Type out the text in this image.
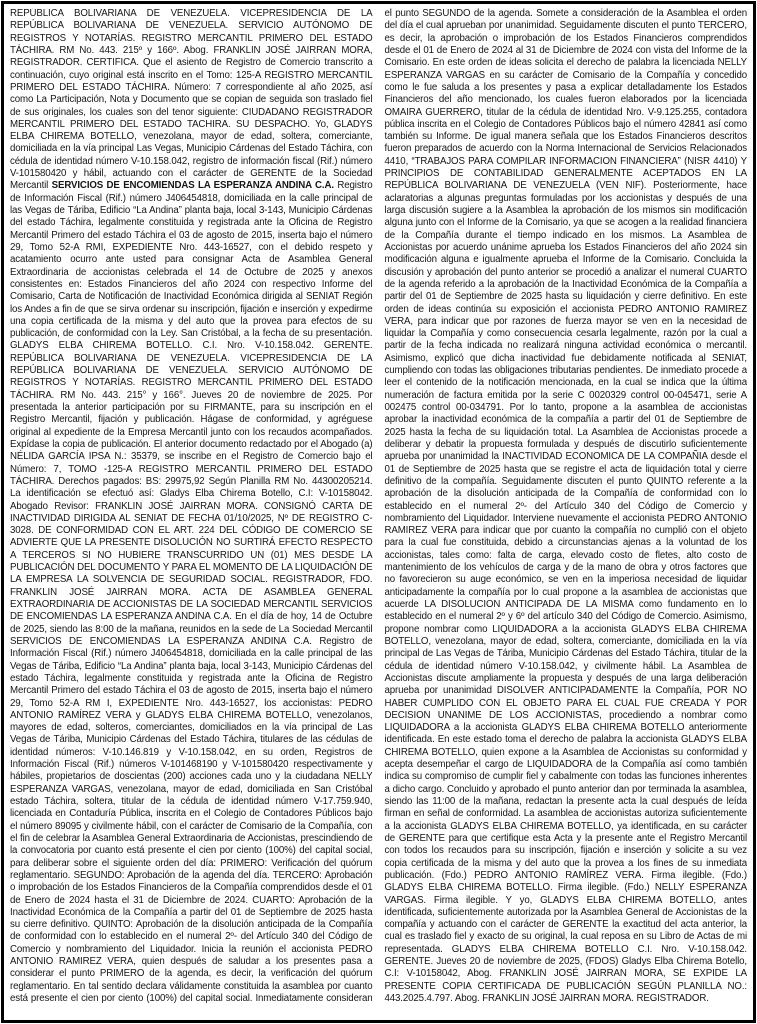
REPÚBLICA BOLIVARIANA DE VENEZUELA. VICEPRESIDENCIA DE LA REPÚBLICA BOLIVARIANA DE VENEZUELA. SERVICIO AUTÓNOMO DE REGISTROS Y NOTARÍAS. REGISTRO MERCANTIL PRIMERO DEL ESTADO TÁCHIRA. RM No. 443. 215º y 166º. Abog. FRANKLIN JOSÉ JAIRRAN MORA, REGISTRADOR. CERTIFICA. Que el asiento de Registro de Comercio transcrito a continuación, cuyo original está inscrito en el Tomo: 125-A REGISTRO MERCANTIL PRIMERO DEL ESTADO TÁCHIRA. Número: 7 correspondiente al año 2025, así como La Participación, Nota y Documento que se copian de seguida son traslado fiel de sus originales, los cuales son del tenor siguiente: CIUDADANO REGISTRADOR MERCANTIL PRIMERO DEL ESTADO TACHIRA. SU DESPACHO. Yo, GLADYS ELBA CHIREMA BOTELLO, venezolana, mayor de edad, soltera, comerciante, domiciliada en la vía principal Las Vegas, Municipio Cárdenas del Estado Táchira, con cédula de identidad número V-10.158.042, registro de información fiscal (Rif.) número V-101580420 y hábil, actuando con el carácter de GERENTE de la Sociedad Mercantil SERVICIOS DE ENCOMIENDAS LA ESPERANZA ANDINA C.A. Registro de Información Fiscal (Rif.) número J406454818, domiciliada en la calle principal de las Vegas de Táriba, Edificio “La Andina” planta baja, local 3-143, Municipio Cárdenas del estado Táchira, legalmente constituida y registrada ante la Oficina de Registro Mercantil Primero del estado Táchira el 03 de agosto de 2015, inserta bajo el número 29, Tomo 52-A RMI, EXPEDIENTE Nro. 443-16527, con el debido respeto y acatamiento ocurro ante usted para consignar Acta de Asamblea General Extraordinaria de accionistas celebrada el 14 de Octubre de 2025 y anexos consistentes en: Estados Financieros del año 2024 con respectivo Informe del Comisario, Carta de Notificación de Inactividad Económica dirigida al SENIAT Región los Andes a fin de que se sirva ordenar su inscripción, fijación e inserción y expedirme una copia certificada de la misma y del auto que la provea para efectos de su publicación, de conformidad con la Ley. San Cristóbal, a la fecha de su presentación. GLADYS ELBA CHIREMA BOTELLO. C.I. Nro. V-10.158.042. GERENTE. REPÚBLICA BOLIVARIANA DE VENEZUELA. VICEPRESIDENCIA DE LA REPÚBLICA BOLIVARIANA DE VENEZUELA. SERVICIO AUTÓNOMO DE REGISTROS Y NOTARÍAS. REGISTRO MERCANTIL PRIMERO DEL ESTADO TÁCHIRA. RM No. 443. 215° y 166°. Jueves 20 de noviembre de 2025. Por presentada la anterior participación por su FIRMANTE, para su inscripción en el Registro Mercantil, fijación y publicación. Hágase de conformidad, y agréguese original al expediente de la Empresa Mercantil junto con los recaudos acompañados. Expídase la copia de publicación. El anterior documento redactado por el Abogado (a) NÉLIDA GARCÍA IPSA N.: 35379, se inscribe en el Registro de Comercio bajo el Número: 7, TOMO -125-A REGISTRO MERCANTIL PRIMERO DEL ESTADO TÁCHIRA. Derechos pagados: BS: 29975,92 Según Planilla RM No. 44300205214. La identificación se efectuó así: Gladys Elba Chirema Botello, C.I: V-10158042. Abogado Revisor: FRANKLIN JOSÉ JAIRRAN MORA. CONSIGNÓ CARTA DE INACTIVIDAD DIRIGIDA AL SENIAT DE FECHA 01/10/2025, Nº DE REGISTRO C-3028. DE CONFORMIDAD CON EL ART. 224 DEL CÓDIGO DE COMERCIO SE ADVIERTE QUE LA PRESENTE DISOLUCIÓN NO SURTIRÁ EFECTO RESPECTO A TERCEROS SI NO HUBIERE TRANSCURRIDO UN (01) MES DESDE LA PUBLICACIÓN DEL DOCUMENTO Y PARA EL MOMENTO DE LA LIQUIDACIÓN DE LA EMPRESA LA SOLVENCIA DE SEGURIDAD SOCIAL. REGISTRADOR, FDO. FRANKLIN JOSÉ JAIRRAN MORA. ACTA DE ASAMBLEA GENERAL EXTRAORDINARIA DE ACCIONISTAS DE LA SOCIEDAD MERCANTIL SERVICIOS DE ENCOMIENDAS LA ESPERANZA ANDINA C.A. En el día de hoy, 14 de Octubre de 2025, siendo las 8:00 de la mañana, reunidos en la sede de La Sociedad Mercantil SERVICIOS DE ENCOMIENDAS LA ESPERANZA ANDINA C.A. Registro de Información Fiscal (Rif.) número J406454818, domiciliada en la calle principal de las Vegas de Táriba, Edificio “La Andina” planta baja, local 3-143, Municipio Cárdenas del estado Táchira, legalmente constituida y registrada ante la Oficina de Registro Mercantil Primero del estado Táchira el 03 de agosto de 2015, inserta bajo el número 29, Tomo 52-A RM I, EXPEDIENTE Nro. 443-16527, los accionistas: PEDRO ANTONIO RAMÍREZ VERA y GLADYS ELBA CHIREMA BOTELLO, venezolanos, mayores de edad, solteros, comerciantes, domiciliados en la vía principal de Las Vegas de Táriba, Municipio Cárdenas del Estado Táchira, titulares de las cédulas de identidad números: V-10.146.819 y V-10.158.042, en su orden, Registros de Información Fiscal (Rif.) números V-101468190 y V-101580420 respectivamente y hábiles, propietarios de doscientas (200) acciones cada uno y la ciudadana NELLY ESPERANZA VARGAS, venezolana, mayor de edad, domiciliada en San Cristóbal estado Táchira, soltera, titular de la cédula de identidad número V-17.759.940, licenciada en Contaduría Pública, inscrita en el Colegio de Contadores Públicos bajo el número 89095 y civilmente hábil, con el carácter de Comisario de la Compañía, con el fin de celebrar la Asamblea General Extraordinaria de Accionistas, prescindiendo de la convocatoria por cuanto está presente el cien por ciento (100%) del capital social, para deliberar sobre el siguiente orden del día: PRIMERO: Verificación del quórum reglamentario. SEGUNDO: Aprobación de la agenda del día. TERCERO: Aprobación o improbación de los Estados Financieros de la Compañía comprendidos desde el 01 de Enero de 2024 hasta el 31 de Diciembre de 2024. CUARTO: Aprobación de la Inactividad Económica de la Compañía a partir del 01 de Septiembre de 2025 hasta su cierre definitivo. QUINTO: Aprobación de la disolución anticipada de la Compañía de conformidad con lo establecido en el numeral 2º- del Artículo 340 del Código de Comercio y nombramiento del Liquidador. Inicia la reunión el accionista PEDRO ANTONIO RAMIREZ VERA, quien después de saludar a los presentes pasa a considerar el punto PRIMERO de la agenda, es decir, la verificación del quórum reglamentario. En tal sentido declara válidamente constituida la asamblea por cuanto está presente el cien por ciento (100%) del capital social. Inmediatamente consideran el punto SEGUNDO de la agenda. Somete a consideración de la Asamblea el orden del día el cual aprueban por unanimidad. Seguidamente discuten el punto TERCERO, es decir, la aprobación o improbación de los Estados Financieros comprendidos desde el 01 de Enero de 2024 al 31 de Diciembre de 2024 con vista del Informe de la Comisario. En este orden de ideas solicita el derecho de palabra la licenciada NELLY ESPERANZA VARGAS en su carácter de Comisario de la Compañía y concedido como le fue saluda a los presentes y pasa a explicar detalladamente los Estados Financieros del año mencionado, los cuales fueron elaborados por la licenciada OMAIRA GUERRERO, titular de la cédula de identidad Nro. V-9.125.255, contadora pública inscrita en el Colegio de Contadores Públicos bajo el número 42841 así como también su Informe. De igual manera señala que los Estados Financieros descritos fueron preparados de acuerdo con la Norma Internacional de Servicios Relacionados 4410, “TRABAJOS PARA COMPILAR INFORMACION FINANCIERA” (NISR 4410) Y PRINCIPIOS DE CONTABILIDAD GENERALMENTE ACEPTADOS EN LA REPÚBLICA BOLIVARIANA DE VENEZUELA (VEN NIF). Posteriormente, hace aclaratorias a algunas preguntas formuladas por los accionistas y después de una larga discusión sugiere a la Asamblea la aprobación de los mismos sin modificación alguna junto con el Informe de la Comisario, ya que se acogen a la realidad financiera de la Compañía durante el tiempo indicado en los mismos. La Asamblea de Accionistas por acuerdo unánime aprueba los Estados Financieros del año 2024 sin modificación alguna e igualmente aprueba el Informe de la Comisario. Concluida la discusión y aprobación del punto anterior se procedió a analizar el numeral CUARTO de la agenda referido a la aprobación de la Inactividad Económica de la Compañía a partir del 01 de Septiembre de 2025 hasta su liquidación y cierre definitivo. En este orden de ideas continúa su exposición el accionista PEDRO ANTONIO RAMIREZ VERA, para indicar que por razones de fuerza mayor se ven en la necesidad de liquidar la Compañía y como consecuencia cesarla legalmente, razón por la cual a partir de la fecha indicada no realizará ninguna actividad económica o mercantil. Asimismo, explicó que dicha inactividad fue debidamente notificada al SENIAT, cumpliendo con todas las obligaciones tributarias pendientes. De inmediato procede a leer el contenido de la notificación mencionada, en la cual se indica que la última numeración de factura emitida por la serie C 0020329 control 00-045471, serie A 002475 control 00-034791. Por lo tanto, propone a la asamblea de accionistas aprobar la inactividad económica de la compañía a partir del 01 de Septiembre de 2025 hasta la fecha de su liquidación total. La Asamblea de Accionistas procede a deliberar y debatir la propuesta formulada y después de discutirlo suficientemente aprueba por unanimidad la INACTIVIDAD ECONOMICA DE LA COMPAÑIA desde el 01 de Septiembre de 2025 hasta que se registre el acta de liquidación total y cierre definitivo de la compañía. Seguidamente discuten el punto QUINTO referente a la aprobación de la disolución anticipada de la Compañía de conformidad con lo establecido en el numeral 2º- del Artículo 340 del Código de Comercio y nombramiento del Liquidador. Interviene nuevamente el accionista PEDRO ANTONIO RAMIREZ VERA para indicar que por cuanto la compañía no cumplió con el objeto para la cual fue constituida, debido a circunstancias ajenas a la voluntad de los accionistas, tales como: falta de carga, elevado costo de fletes, alto costo de mantenimiento de los vehículos de carga y de la mano de obra y otros factores que no favorecieron su auge económico, se ven en la imperiosa necesidad de liquidar anticipadamente la compañía por lo cual propone a la asamblea de accionistas que acuerde LA DISOLUCION ANTICIPADA DE LA MISMA como fundamento en lo establecido en el numeral 2º y 6º del artículo 340 del Código de Comercio. Asimismo, propone nombrar como LIQUIDADORA a la accionista GLADYS ELBA CHIREMA BOTELLO, venezolana, mayor de edad, soltera, comerciante, domiciliada en la vía principal de Las Vegas de Táriba, Municipio Cárdenas del Estado Táchira, titular de la cédula de identidad número V-10.158.042, y civilmente hábil. La Asamblea de Accionistas discute ampliamente la propuesta y después de una larga deliberación aprueba por unanimidad DISOLVER ANTICIPADAMENTE la Compañía, POR NO HABER CUMPLIDO CON EL OBJETO PARA EL CUAL FUE CREADA Y POR DECISION UNANIME DE LOS ACCIONISTAS, procediendo a nombrar como LIQUIDADORA a la accionista GLADYS ELBA CHIREMA BOTELLO anteriormente identificada. En este estado toma el derecho de palabra la accionista GLADYS ELBA CHIREMA BOTELLO, quien expone a la Asamblea de Accionistas su conformidad y acepta desempeñar el cargo de LIQUIDADORA de la Compañía así como también indica su compromiso de cumplir fiel y cabalmente con todas las funciones inherentes a dicho cargo. Concluido y aprobado el punto anterior dan por terminada la asamblea, siendo las 11:00 de la mañana, redactan la presente acta la cual después de leída firman en señal de conformidad. La asamblea de accionistas autoriza suficientemente a la accionista GLADYS ELBA CHIREMA BOTELLO, ya identificada, en su carácter de GERENTE para que certifique esta Acta y la presente ante el Registro Mercantil con todos los recaudos para su inscripción, fijación e inserción y solicite a su vez copia certificada de la misma y del auto que la provea a los fines de su inmediata publicación. (Fdo.) PEDRO ANTONIO RAMÍREZ VERA. Firma ilegible. (Fdo.) GLADYS ELBA CHIREMA BOTELLO. Firma ilegible. (Fdo.) NELLY ESPERANZA VARGAS. Firma ilegible. Y yo, GLADYS ELBA CHIREMA BOTELLO, antes identificada, suficientemente autorizada por la Asamblea General de Accionistas de la compañía y actuando con el carácter de GERENTE la exactitud del acta anterior, la cual es traslado fiel y exacto de su original, la cual reposa en su Libro de Actas de mi representada. GLADYS ELBA CHIREMA BOTELLO C.I. Nro. V-10.158.042. GERENTE. Jueves 20 de noviembre de 2025, (FDOS) Gladys Elba Chirema Botello, C.I: V-10158042, Abog. FRANKLIN JOSÉ JAIRRAN MORA, SE EXPIDE LA PRESENTE COPIA CERTIFICADA DE PUBLICACIÓN SEGÚN PLANILLA NO.: 443.2025.4.797. Abog. FRANKLIN JOSÉ JAIRRAN MORA. REGISTRADOR.
